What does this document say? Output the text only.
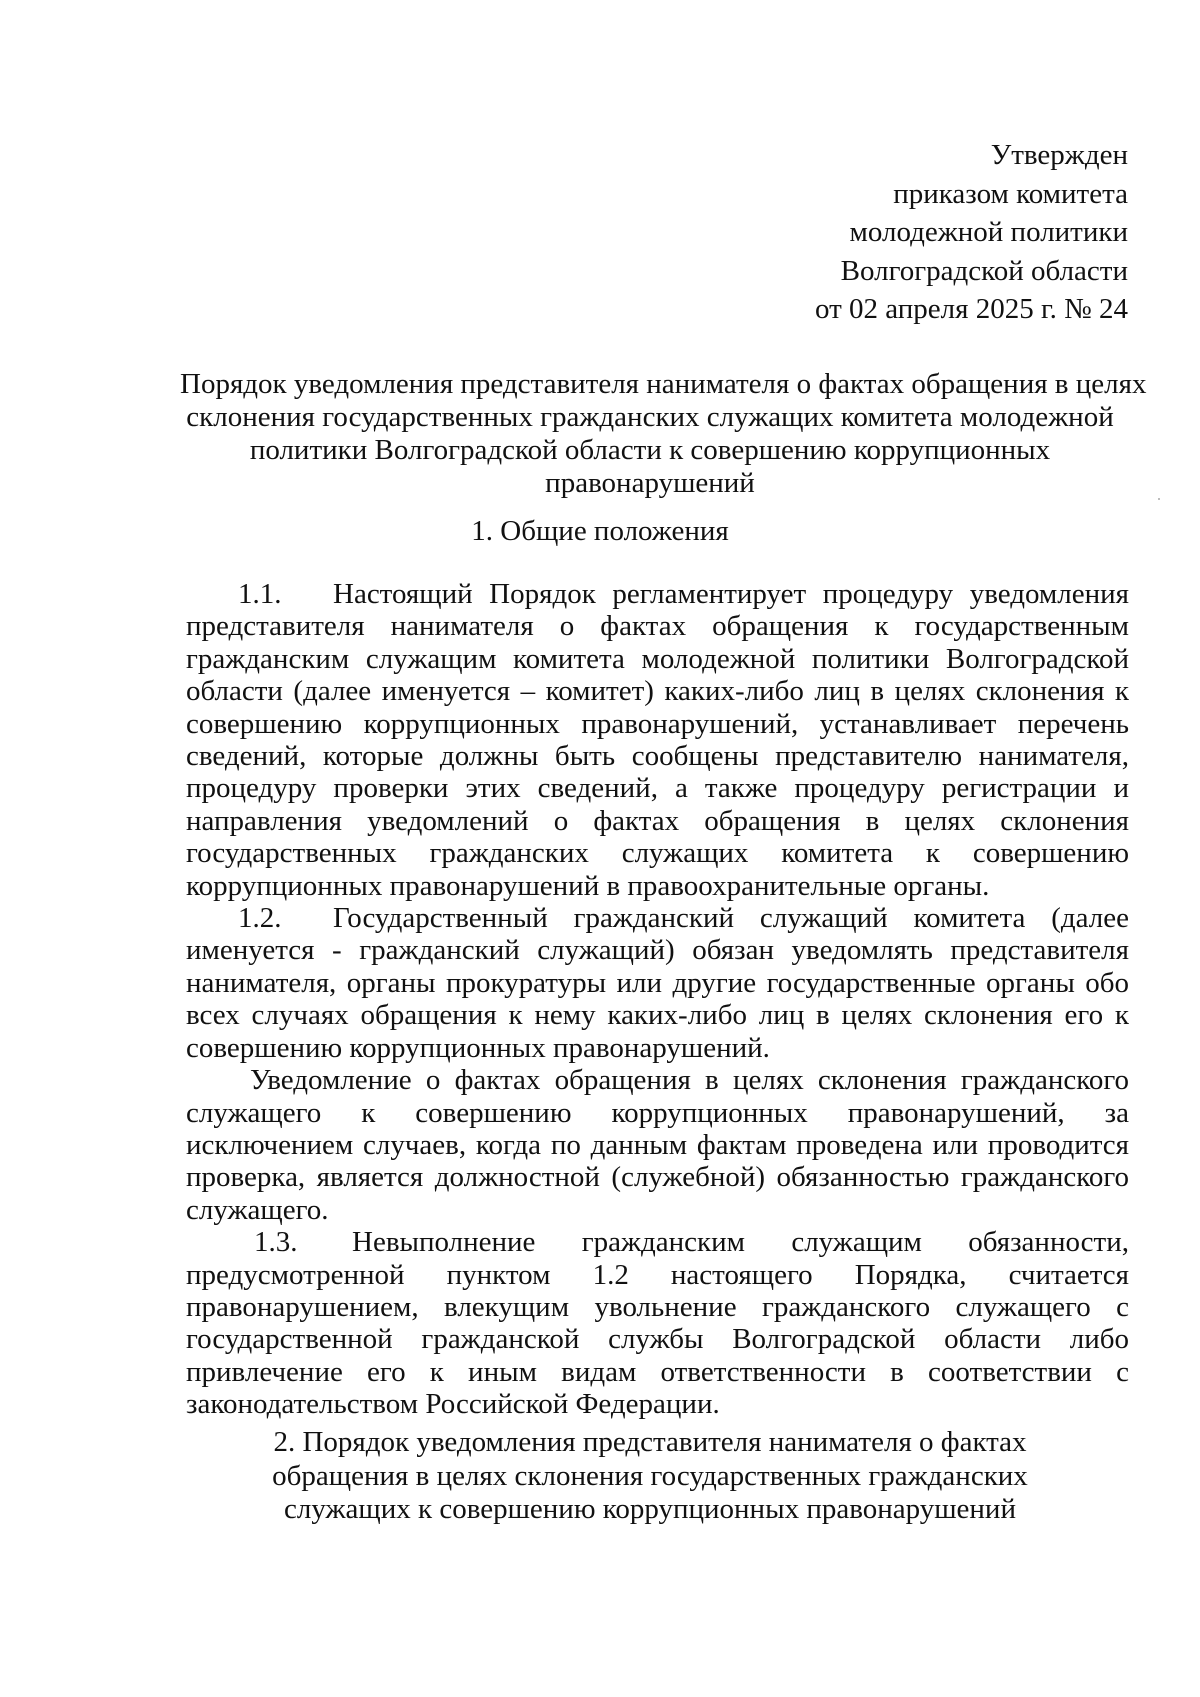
Утвержден
приказом комитета
молодежной политики
Волгоградской области
от 02 апреля 2025 г. № 24
Порядок уведомления представителя нанимателя о фактах обращения в целях
склонения государственных гражданских служащих комитета молодежной
политики Волгоградской области к совершению коррупционных
правонарушений
1. Общие положения

1.1. Настоящий Порядок регламентирует процедуру уведомления представителя нанимателя о фактах обращения к государственным гражданским служащим комитета молодежной политики Волгоградской области (далее именуется – комитет) каких-либо лиц в целях склонения к совершению коррупционных правонарушений, устанавливает перечень сведений, которые должны быть сообщены представителю нанимателя, процедуру проверки этих сведений, а также процедуру регистрации и направления уведомлений о фактах обращения в целях склонения государственных гражданских служащих комитета к совершению коррупционных правонарушений в правоохранительные органы.

1.2. Государственный гражданский служащий комитета (далее именуется - гражданский служащий) обязан уведомлять представителя нанимателя, органы прокуратуры или другие государственные органы обо всех случаях обращения к нему каких-либо лиц в целях склонения его к совершению коррупционных правонарушений.

Уведомление о фактах обращения в целях склонения гражданского служащего к совершению коррупционных правонарушений, за исключением случаев, когда по данным фактам проведена или проводится проверка, является должностной (служебной) обязанностью гражданского служащего.

1.3. Невыполнение гражданским служащим обязанности, предусмотренной пунктом 1.2 настоящего Порядка, считается правонарушением, влекущим увольнение гражданского служащего с государственной гражданской службы Волгоградской области либо привлечение его к иным видам ответственности в соответствии с законодательством Российской Федерации.

2. Порядок уведомления представителя нанимателя о фактах
обращения в целях склонения государственных гражданских
служащих к совершению коррупционных правонарушений
